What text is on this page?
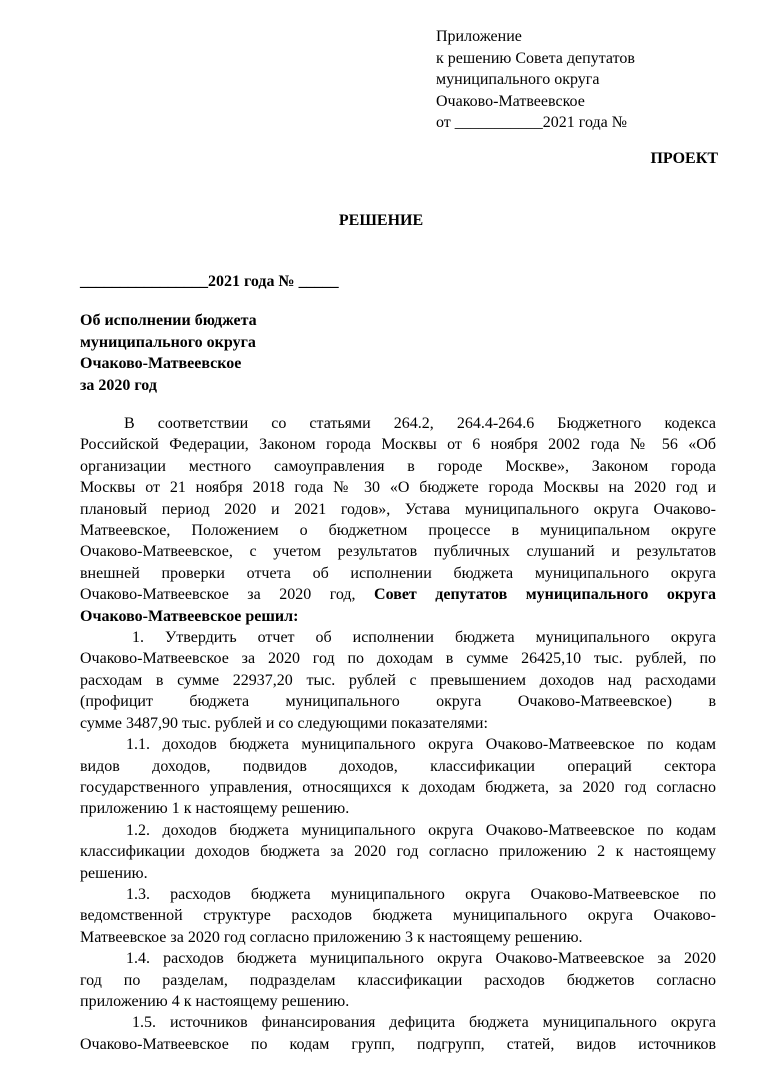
Приложение
к решению Совета депутатов
муниципального округа
Очаково-Матвеевское
от ___________2021 года №
ПРОЕКТ
РЕШЕНИЕ
________________2021 года № _____
Об исполнении бюджета
муниципального округа
Очаково-Матвеевское
за 2020 год
В соответствии со статьями 264.2, 264.4-264.6 Бюджетного кодекса
Российской Федерации, Законом города Москвы от 6 ноября 2002 года № 56 «Об
организации местного самоуправления в городе Москве», Законом города
Москвы от 21 ноября 2018 года № 30 «О бюджете города Москвы на 2020 год и
плановый период 2020 и 2021 годов», Устава муниципального округа Очаково-
Матвеевское, Положением о бюджетном процессе в муниципальном округе
Очаково-Матвеевское, с учетом результатов публичных слушаний и результатов
внешней проверки отчета об исполнении бюджета муниципального округа
Очаково-Матвеевское за 2020 год, Совет депутатов муниципального округа
Очаково-Матвеевское решил:
1. Утвердить отчет об исполнении бюджета муниципального округа
Очаково-Матвеевское за 2020 год по доходам в сумме 26425,10 тыс. рублей, по
расходам в сумме 22937,20 тыс. рублей с превышением доходов над расходами
(профицит бюджета муниципального округа Очаково-Матвеевское) в
сумме 3487,90 тыс. рублей и со следующими показателями:
1.1. доходов бюджета муниципального округа Очаково-Матвеевское по кодам
видов доходов, подвидов доходов, классификации операций сектора
государственного управления, относящихся к доходам бюджета, за 2020 год согласно
приложению 1 к настоящему решению.
1.2. доходов бюджета муниципального округа Очаково-Матвеевское по кодам
классификации доходов бюджета за 2020 год согласно приложению 2 к настоящему
решению.
1.3. расходов бюджета муниципального округа Очаково-Матвеевское по
ведомственной структуре расходов бюджета муниципального округа Очаково-
Матвеевское за 2020 год согласно приложению 3 к настоящему решению.
1.4. расходов бюджета муниципального округа Очаково-Матвеевское за 2020
год по разделам, подразделам классификации расходов бюджетов согласно
приложению 4 к настоящему решению.
1.5. источников финансирования дефицита бюджета муниципального округа
Очаково-Матвеевское по кодам групп, подгрупп, статей, видов источников
